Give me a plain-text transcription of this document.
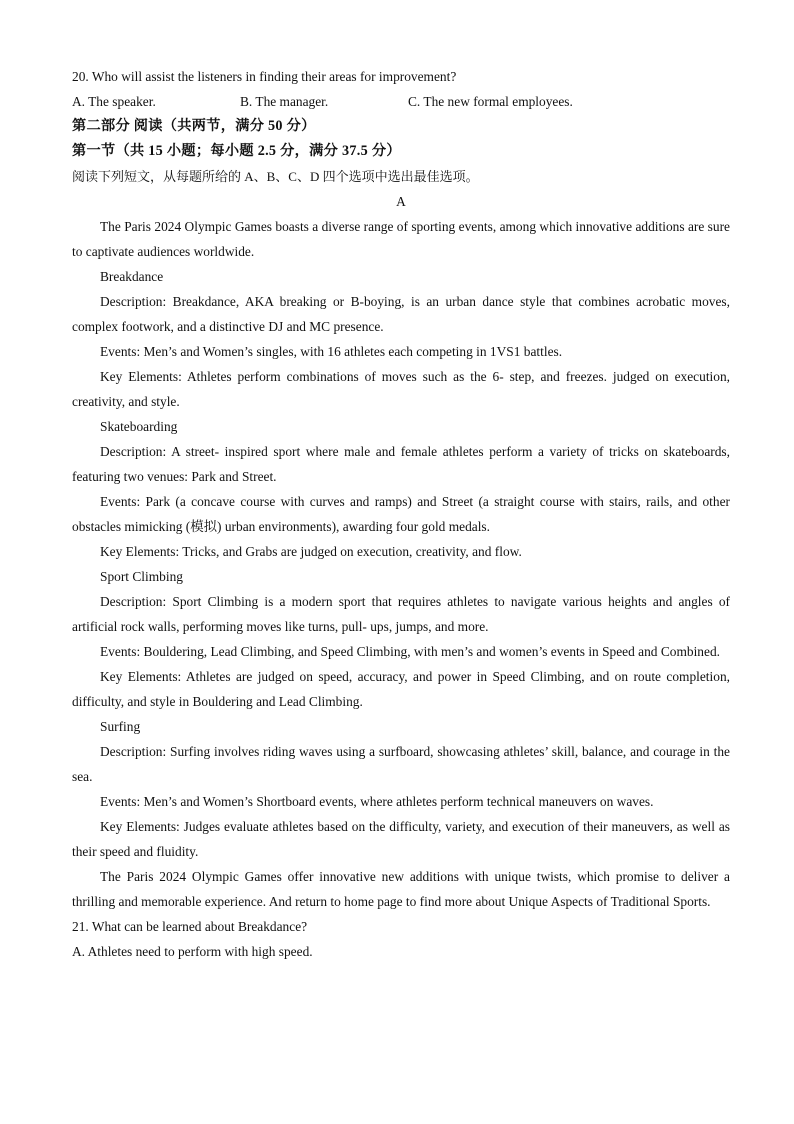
20. Who will assist the listeners in finding their areas for improvement?
A. The speaker.	B. The manager.	C. The new formal employees.
第二部分 阅读（共两节，满分 50 分）
第一节（共 15 小题；每小题 2.5 分，满分 37.5 分）
阅读下列短文，从每题所给的 A、B、C、D 四个选项中选出最佳选项。
A
The Paris 2024 Olympic Games boasts a diverse range of sporting events, among which innovative additions are sure to captivate audiences worldwide.
Breakdance
Description: Breakdance, AKA breaking or B-boying, is an urban dance style that combines acrobatic moves, complex footwork, and a distinctive DJ and MC presence.
Events: Men’s and Women’s singles, with 16 athletes each competing in 1VS1 battles.
Key Elements: Athletes perform combinations of moves such as the 6- step, and freezes. judged on execution, creativity, and style.
Skateboarding
Description: A street- inspired sport where male and female athletes perform a variety of tricks on skateboards, featuring two venues: Park and Street.
Events: Park (a concave course with curves and ramps) and Street (a straight course with stairs, rails, and other obstacles mimicking (模拟) urban environments), awarding four gold medals.
Key Elements: Tricks, and Grabs are judged on execution, creativity, and flow.
Sport Climbing
Description: Sport Climbing is a modern sport that requires athletes to navigate various heights and angles of artificial rock walls, performing moves like turns, pull- ups, jumps, and more.
Events: Bouldering, Lead Climbing, and Speed Climbing, with men’s and women’s events in Speed and Combined.
Key Elements: Athletes are judged on speed, accuracy, and power in Speed Climbing, and on route completion, difficulty, and style in Bouldering and Lead Climbing.
Surfing
Description: Surfing involves riding waves using a surfboard, showcasing athletes’ skill, balance, and courage in the sea.
Events: Men’s and Women’s Shortboard events, where athletes perform technical maneuvers on waves.
Key Elements: Judges evaluate athletes based on the difficulty, variety, and execution of their maneuvers, as well as their speed and fluidity.
The Paris 2024 Olympic Games offer innovative new additions with unique twists, which promise to deliver a thrilling and memorable experience. And return to home page to find more about Unique Aspects of Traditional Sports.
21. What can be learned about Breakdance?
A. Athletes need to perform with high speed.
